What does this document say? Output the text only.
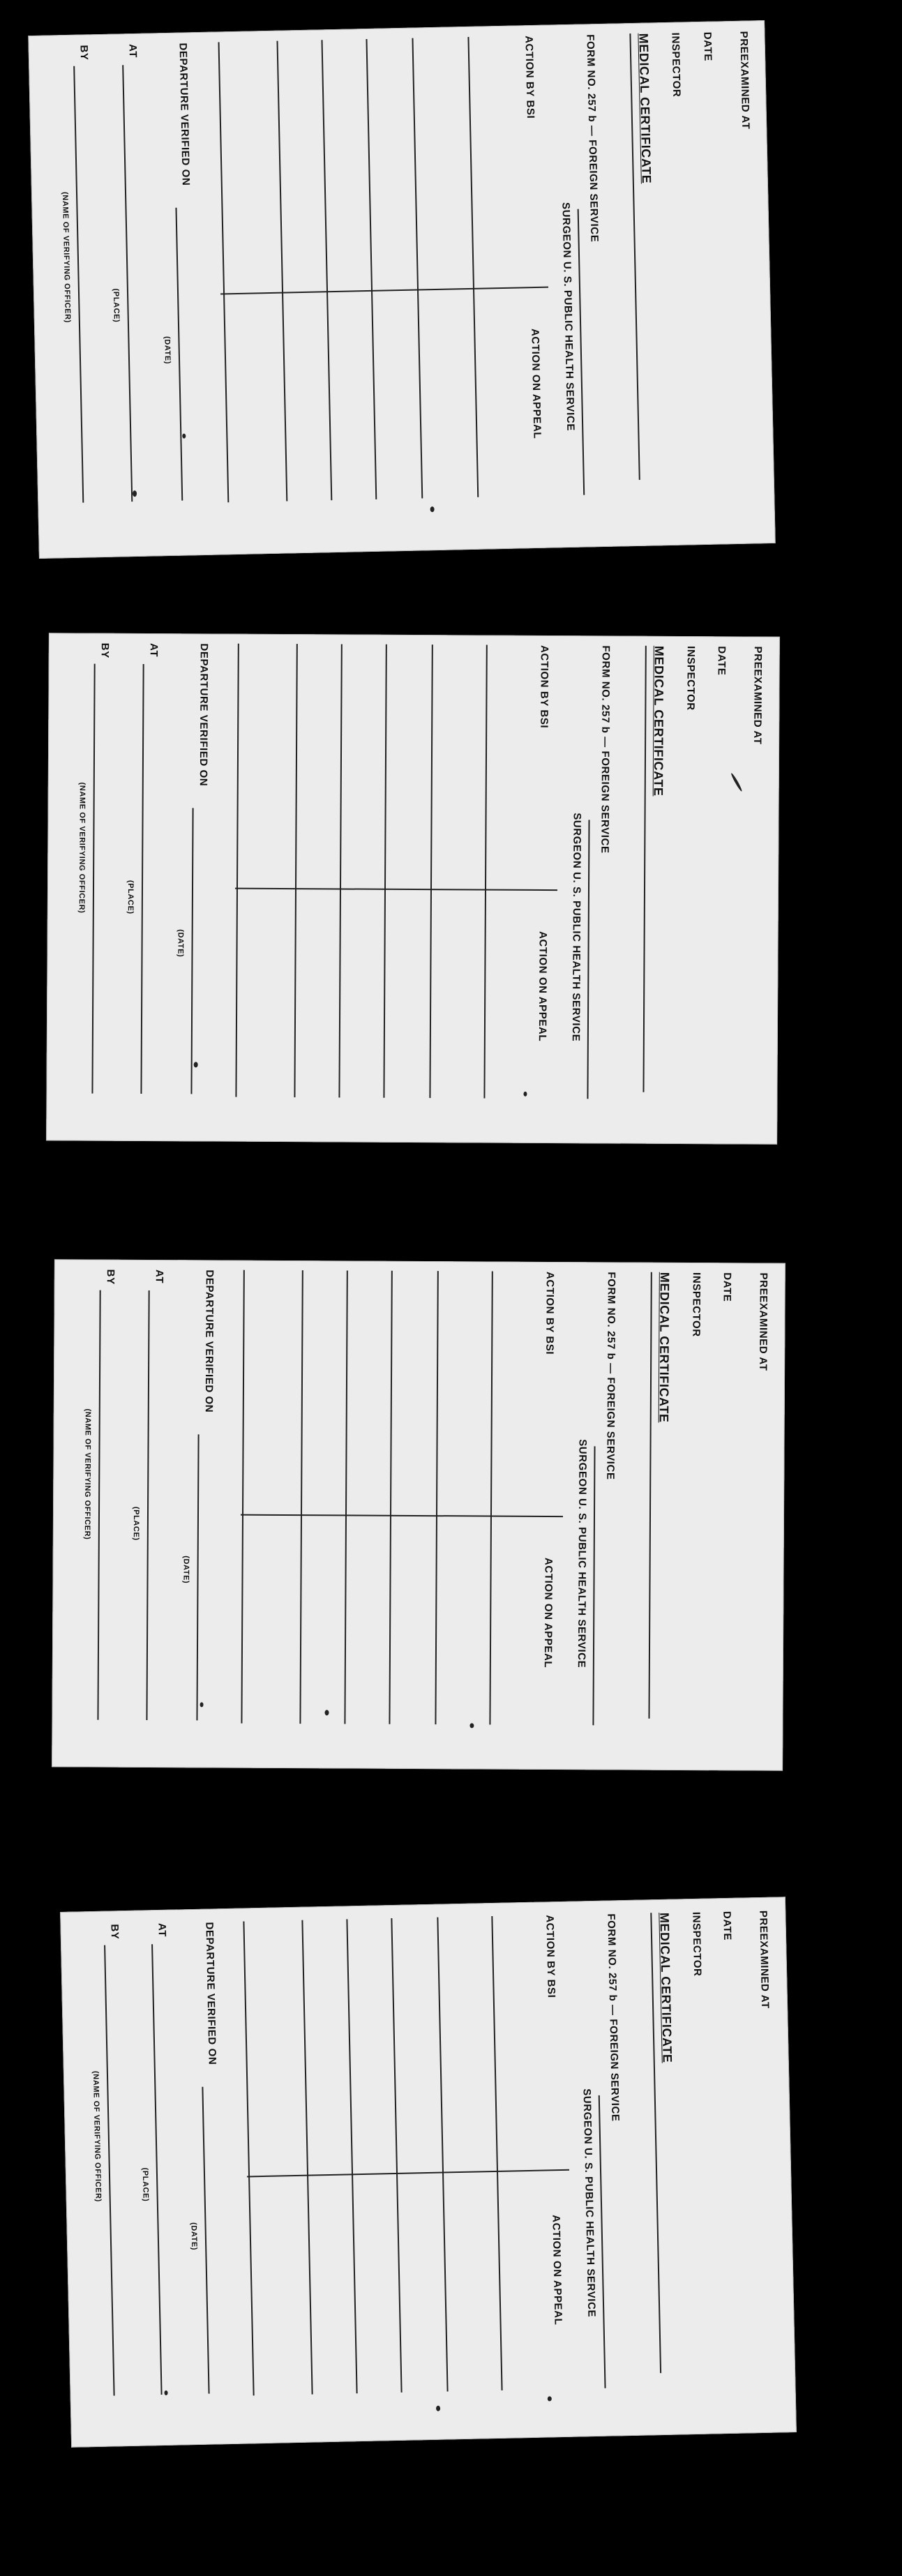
PREEXAMINED AT
DATE
INSPECTOR
MEDICAL CERTIFICATE
FORM NO. 257 b — FOREIGN SERVICE
SURGEON U. S. PUBLIC HEALTH SERVICE
ACTION BY BSI
ACTION ON APPEAL
DEPARTURE VERIFIED ON
(DATE)
AT
(PLACE)
BY
(NAME OF VERIFYING OFFICER)
PREEXAMINED AT
DATE
INSPECTOR
MEDICAL CERTIFICATE
FORM NO. 257 b — FOREIGN SERVICE
SURGEON U. S. PUBLIC HEALTH SERVICE
ACTION BY BSI
ACTION ON APPEAL
DEPARTURE VERIFIED ON
(DATE)
AT
(PLACE)
BY
(NAME OF VERIFYING OFFICER)
PREEXAMINED AT
DATE
INSPECTOR
MEDICAL CERTIFICATE
FORM NO. 257 b — FOREIGN SERVICE
SURGEON U. S. PUBLIC HEALTH SERVICE
ACTION BY BSI
ACTION ON APPEAL
DEPARTURE VERIFIED ON
(DATE)
AT
(PLACE)
BY
(NAME OF VERIFYING OFFICER)
PREEXAMINED AT
DATE
INSPECTOR
MEDICAL CERTIFICATE
FORM NO. 257 b — FOREIGN SERVICE
SURGEON U. S. PUBLIC HEALTH SERVICE
ACTION BY BSI
ACTION ON APPEAL
DEPARTURE VERIFIED ON
(DATE)
AT
(PLACE)
BY
(NAME OF VERIFYING OFFICER)
